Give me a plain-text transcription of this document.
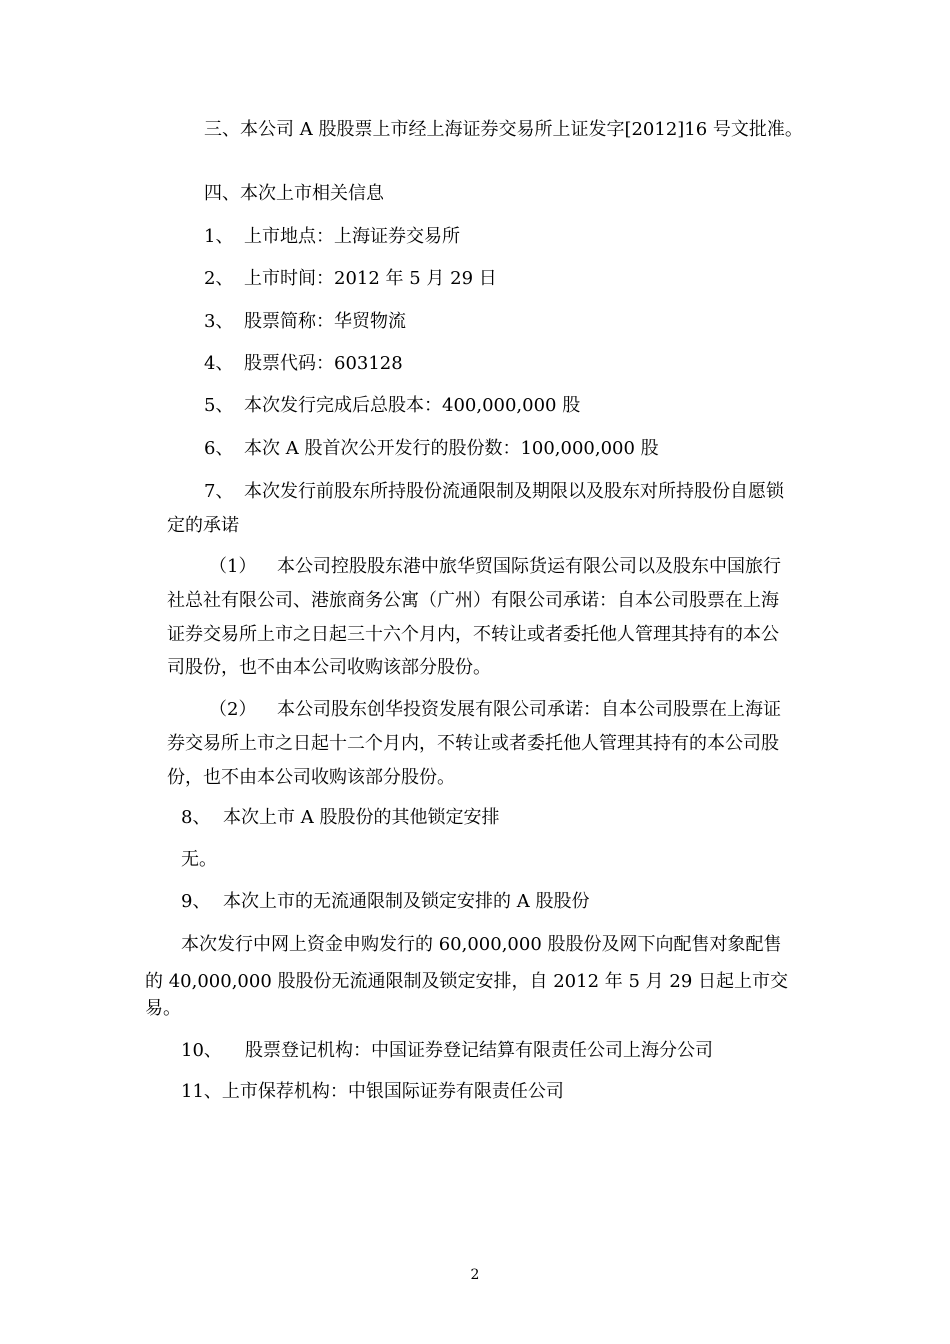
三、本公司 A 股股票上市经上海证券交易所上证发字[2012]16 号文批准。

四、本次上市相关信息

1、 上市地点：上海证券交易所

2、 上市时间：2012 年 5 月 29 日

3、 股票简称：华贸物流

4、 股票代码：603128

5、 本次发行完成后总股本：400,000,000 股

6、 本次 A 股首次公开发行的股份数：100,000,000 股

7、 本次发行前股东所持股份流通限制及期限以及股东对所持股份自愿锁

定的承诺

（1） 本公司控股股东港中旅华贸国际货运有限公司以及股东中国旅行

社总社有限公司、港旅商务公寓（广州）有限公司承诺：自本公司股票在上海

证券交易所上市之日起三十六个月内，不转让或者委托他人管理其持有的本公

司股份，也不由本公司收购该部分股份。

（2） 本公司股东创华投资发展有限公司承诺：自本公司股票在上海证

券交易所上市之日起十二个月内，不转让或者委托他人管理其持有的本公司股

份，也不由本公司收购该部分股份。

8、 本次上市 A 股股份的其他锁定安排

无。

9、 本次上市的无流通限制及锁定安排的 A 股股份

本次发行中网上资金申购发行的 60,000,000 股股份及网下向配售对象配售

的 40,000,000 股股份无流通限制及锁定安排，自 2012 年 5 月 29 日起上市交

易。

10、 股票登记机构：中国证券登记结算有限责任公司上海分公司

11、上市保荐机构：中银国际证券有限责任公司

2
